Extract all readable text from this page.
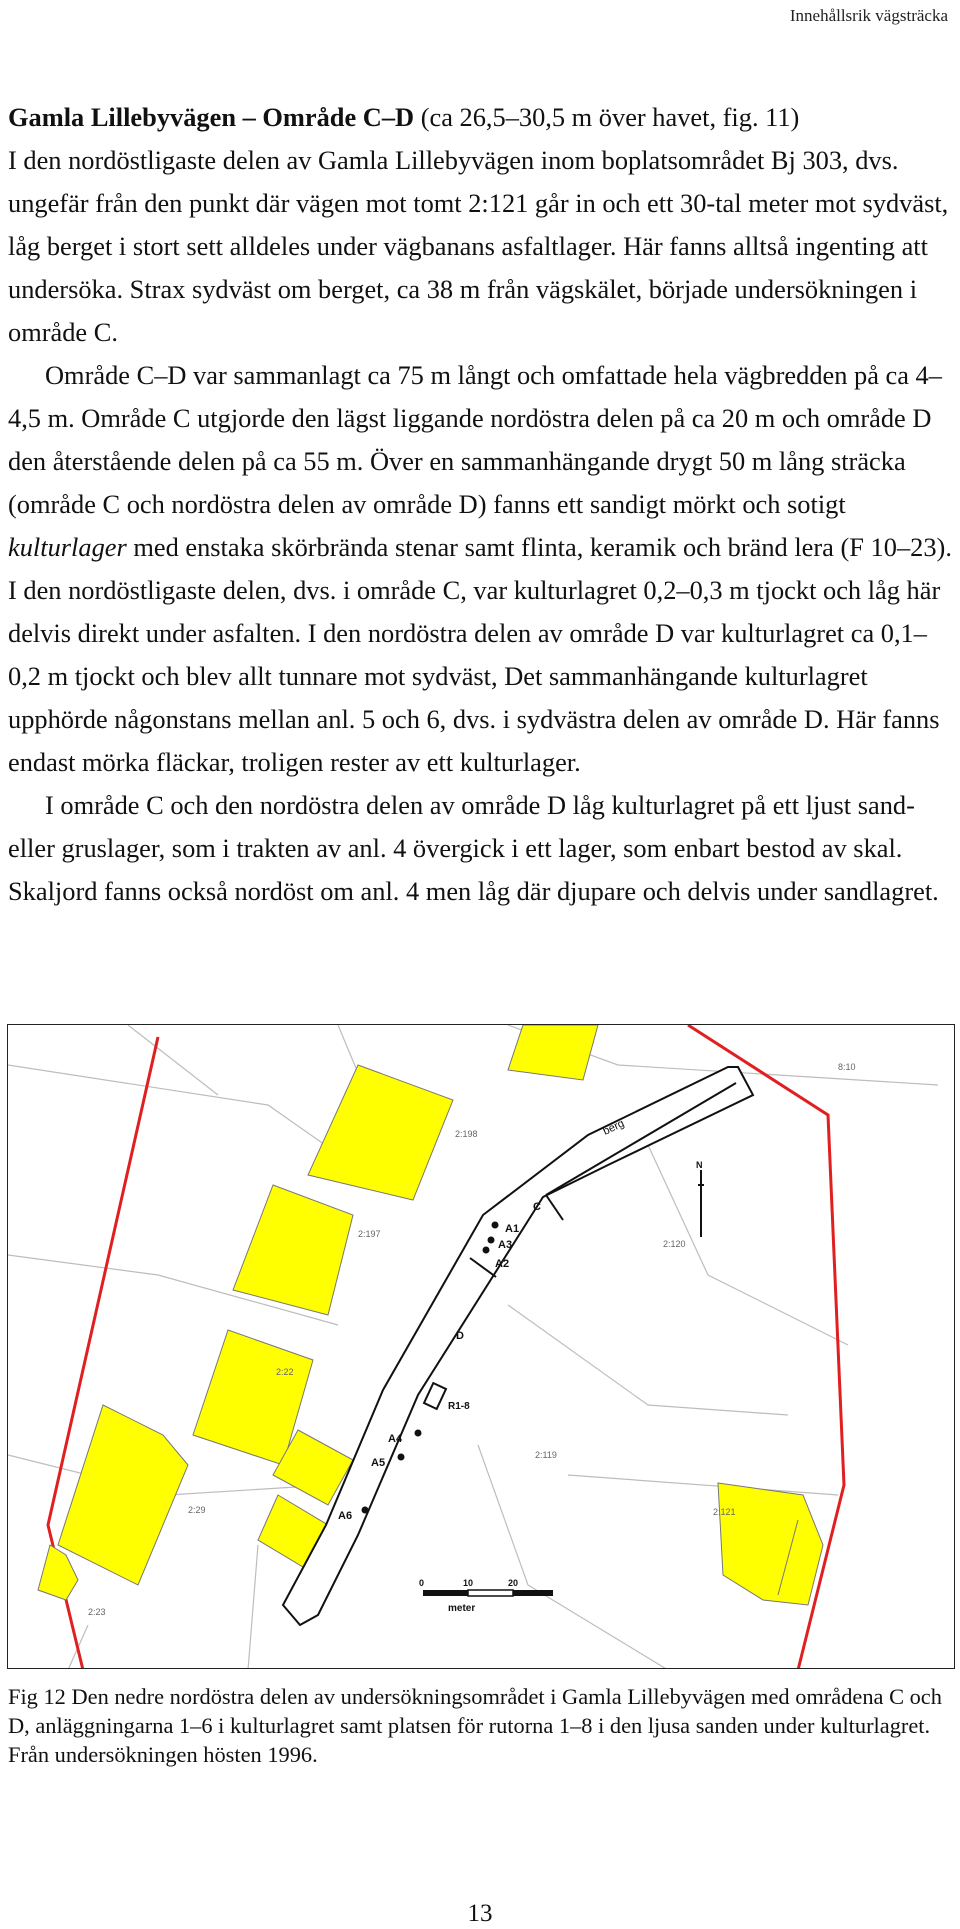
Innehållsrik vägsträcka

Gamla Lillebyvägen – Område C–D (ca 26,5–30,5 m över havet, fig. 11)

I den nordöstligaste delen av Gamla Lillebyvägen inom boplatsområdet Bj 303, dvs. ungefär från den punkt där vägen mot tomt 2:121 går in och ett 30-tal meter mot sydväst, låg berget i stort sett alldeles under vägbanans asfaltlager. Här fanns alltså ingenting att undersöka. Strax sydväst om berget, ca 38 m från vägskälet, började undersökningen i område C.

Område C–D var sammanlagt ca 75 m långt och omfattade hela vägbredden på ca 4–4,5 m. Område C utgjorde den lägst liggande nordöstra delen på ca 20 m och område D den återstående delen på ca 55 m. Över en sammanhängande drygt 50 m lång sträcka (område C och nordöstra delen av område D) fanns ett sandigt mörkt och sotigt kulturlager med enstaka skörbrända stenar samt flinta, keramik och bränd lera (F 10–23). I den nordöstligaste delen, dvs. i område C, var kulturlagret 0,2–0,3 m tjockt och låg här delvis direkt under asfalten. I den nordöstra delen av område D var kulturlagret ca 0,1–0,2 m tjockt och blev allt tunnare mot sydväst, Det sammanhängande kulturlagret upphörde någonstans mellan anl. 5 och 6, dvs. i sydvästra delen av område D. Här fanns endast mörka fläckar, troligen rester av ett kulturlager.

I område C och den nordöstra delen av område D låg kulturlagret på ett ljust sand- eller gruslager, som i trakten av anl. 4 övergick i ett lager, som enbart bestod av skal. Skaljord fanns också nordöst om anl. 4 men låg där djupare och delvis under sandlagret.

8:10
2:198
2:197
2:120
2:22
2:119
2:29	2:121
2:23
C
D
A1
A3
A2
R1-8
A4
A5
A6
berg
N
0	10	20
meter
Fig 12 Den nedre nordöstra delen av undersökningsområdet i Gamla Lillebyvägen med områdena C och D, anläggningarna 1–6 i kulturlagret samt platsen för rutorna 1–8 i den ljusa sanden under kulturlagret. Från undersökningen hösten 1996.
13
